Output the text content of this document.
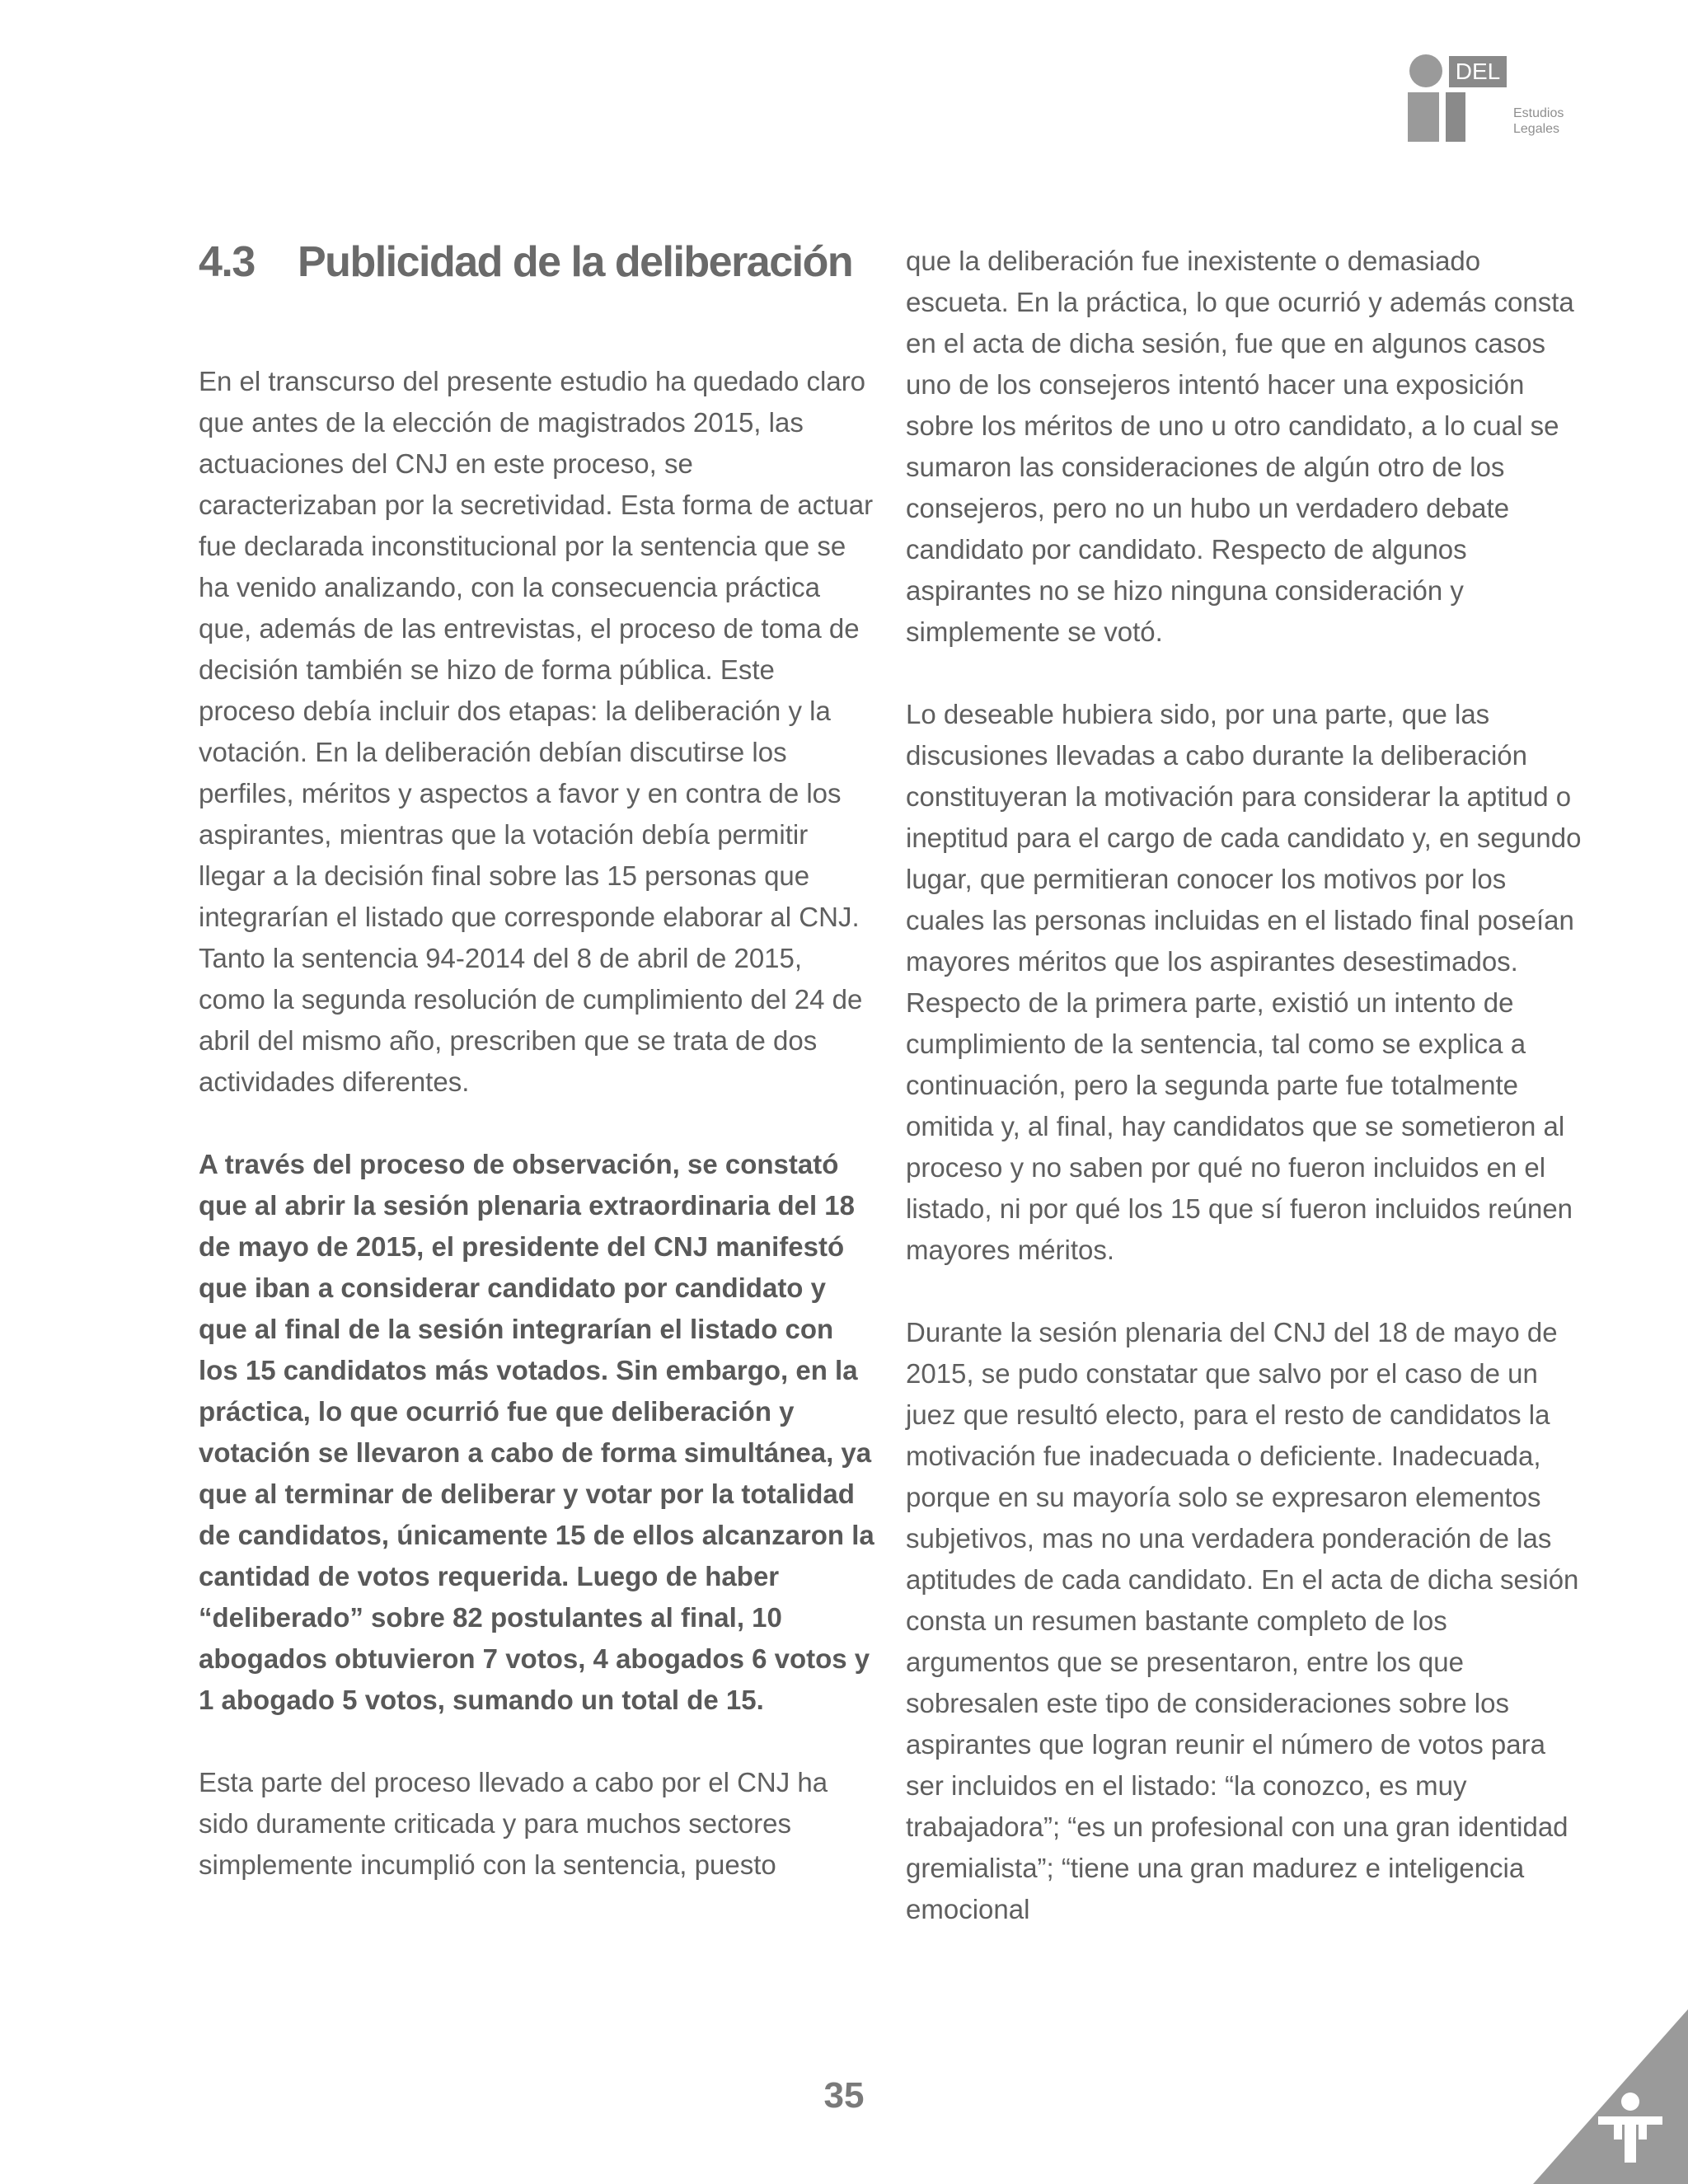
DEL
Estudios
Legales
4.3 Publicidad de la deliberación

En el transcurso del presente estudio ha quedado claro que antes de la elección de magistrados 2015, las actuaciones del CNJ en este proceso, se caracterizaban por la secretividad. Esta forma de actuar fue declarada inconstitucional por la sentencia que se ha venido analizando, con la consecuencia práctica que, además de las entrevistas, el proceso de toma de decisión también se hizo de forma pública. Este proceso debía incluir dos etapas: la deliberación y la votación. En la deliberación debían discutirse los perfiles, méritos y aspectos a favor y en contra de los aspirantes, mientras que la votación debía permitir llegar a la decisión final sobre las 15 personas que integrarían el listado que corresponde elaborar al CNJ. Tanto la sentencia 94-2014 del 8 de abril de 2015, como la segunda resolución de cumplimiento del 24 de abril del mismo año, prescriben que se trata de dos actividades diferentes.

A través del proceso de observación, se constató que al abrir la sesión plenaria extraordinaria del 18 de mayo de 2015, el presidente del CNJ manifestó que iban a considerar candidato por candidato y que al final de la sesión integrarían el listado con los 15 candidatos más votados. Sin embargo, en la práctica, lo que ocurrió fue que deliberación y votación se llevaron a cabo de forma simultánea, ya que al terminar de deliberar y votar por la totalidad de candidatos, únicamente 15 de ellos alcanzaron la cantidad de votos requerida. Luego de haber “deliberado” sobre 82 postulantes al final, 10 abogados obtuvieron 7 votos, 4 abogados 6 votos y 1 abogado 5 votos, sumando un total de 15.

Esta parte del proceso llevado a cabo por el CNJ ha sido duramente criticada y para muchos sectores simplemente incumplió con la sentencia, puesto

que la deliberación fue inexistente o demasiado escueta. En la práctica, lo que ocurrió y además consta en el acta de dicha sesión, fue que en algunos casos uno de los consejeros intentó hacer una exposición sobre los méritos de uno u otro candidato, a lo cual se sumaron las consideraciones de algún otro de los consejeros, pero no un hubo un verdadero debate candidato por candidato. Respecto de algunos aspirantes no se hizo ninguna consideración y simplemente se votó.

Lo deseable hubiera sido, por una parte, que las discusiones llevadas a cabo durante la deliberación constituyeran la motivación para considerar la aptitud o ineptitud para el cargo de cada candidato y, en segundo lugar, que permitieran conocer los motivos por los cuales las personas incluidas en el listado final poseían mayores méritos que los aspirantes desestimados. Respecto de la primera parte, existió un intento de cumplimiento de la sentencia, tal como se explica a continuación, pero la segunda parte fue totalmente omitida y, al final, hay candidatos que se sometieron al proceso y no saben por qué no fueron incluidos en el listado, ni por qué los 15 que sí fueron incluidos reúnen mayores méritos.

Durante la sesión plenaria del CNJ del 18 de mayo de 2015, se pudo constatar que salvo por el caso de un juez que resultó electo, para el resto de candidatos la motivación fue inadecuada o deficiente. Inadecuada, porque en su mayoría solo se expresaron elementos subjetivos, mas no una verdadera ponderación de las aptitudes de cada candidato. En el acta de dicha sesión consta un resumen bastante completo de los argumentos que se presentaron, entre los que sobresalen este tipo de consideraciones sobre los aspirantes que logran reunir el número de votos para ser incluidos en el listado: “la conozco, es muy trabajadora”; “es un profesional con una gran identidad gremialista”; “tiene una gran madurez e inteligencia emocional

35
